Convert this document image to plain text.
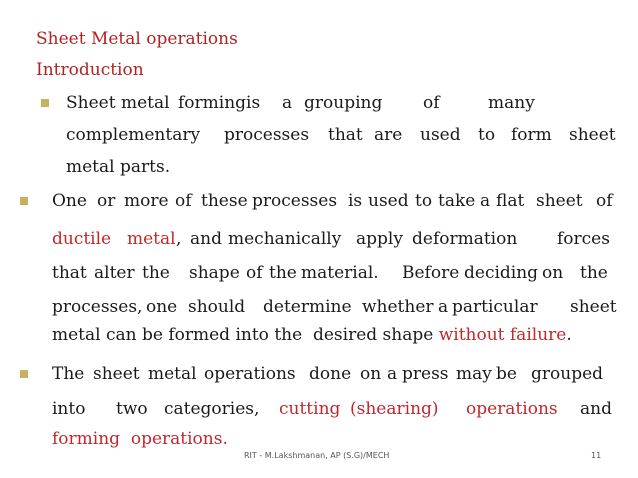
Sheet Metal operations
Introduction
Sheet metal formingis a grouping of	many
complementary processes that are used to form sheet
metal parts.
One or more of these processes is used to take a flat sheet of
ductile metal , and mechanically apply deformation forces
that alter the shape of the material. Before deciding on the
processes, one should determine whether a particular sheet
metal can be formed into the  desired shape without failure.
The sheet metal operations done on a press may be grouped
into two categories, cutting (shearing) operations and
forming  operations.
RIT - M.Lakshmanan, AP (S.G)/MECH	11
